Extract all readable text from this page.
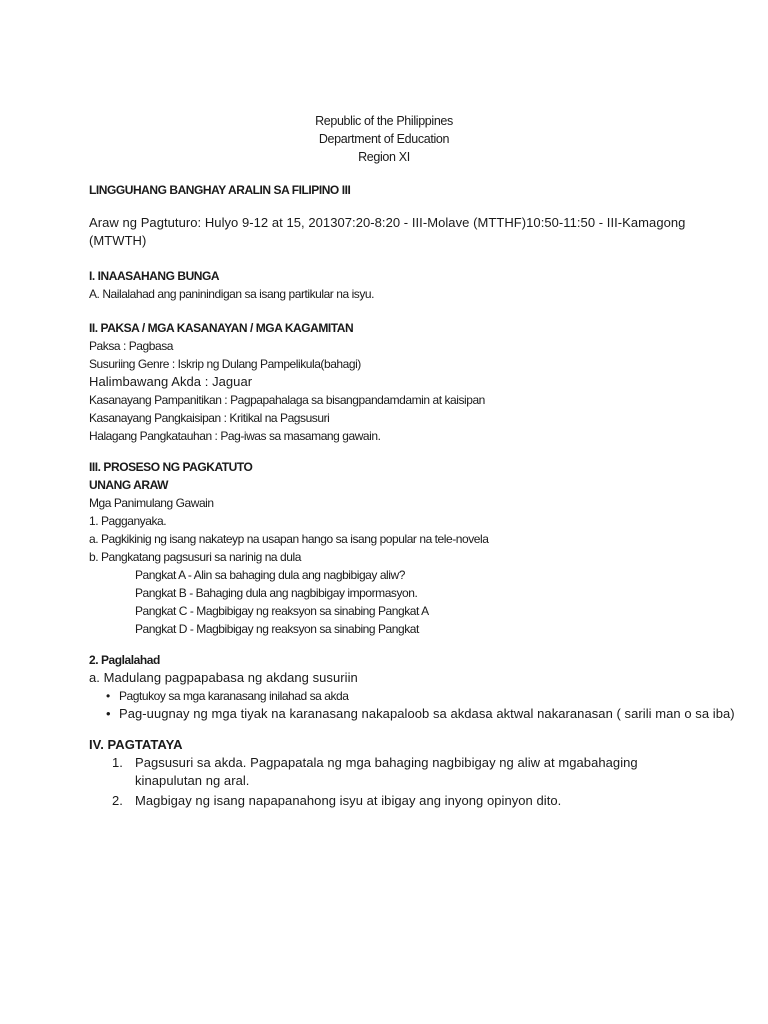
Republic of the Philippines
Department of Education
Region XI
LINGGUHANG BANGHAY ARALIN SA FILIPINO III
Araw ng Pagtuturo: Hulyo 9-12 at 15, 201307:20-8:20 - III-Molave (MTTHF)10:50-11:50 - III-Kamagong
(MTWTH)
I. INAASAHANG BUNGA
A. Nailalahad ang paninindigan sa isang partikular na isyu.
II. PAKSA / MGA KASANAYAN / MGA KAGAMITAN
Paksa : Pagbasa
Susuriing Genre : Iskrip ng Dulang Pampelikula(bahagi)
Halimbawang Akda : Jaguar
Kasanayang Pampanitikan : Pagpapahalaga sa bisangpandamdamin at kaisipan
Kasanayang Pangkaisipan : Kritikal na Pagsusuri
Halagang Pangkatauhan : Pag-iwas sa masamang gawain.
III. PROSESO NG PAGKATUTO
UNANG ARAW
Mga Panimulang Gawain
1. Pagganyaka.
a. Pagkikinig ng isang nakateyp na usapan hango sa isang popular na tele-novela
b. Pangkatang pagsusuri sa narinig na dula
Pangkat A - Alin sa bahaging dula ang nagbibigay aliw?
Pangkat B - Bahaging dula ang nagbibigay impormasyon.
Pangkat C - Magbibigay ng reaksyon sa sinabing Pangkat A
Pangkat D - Magbibigay ng reaksyon sa sinabing Pangkat
2. Paglalahad
a. Madulang pagpapabasa ng akdang susuriin
• Pagtukoy sa mga karanasang inilahad sa akda
• Pag-uugnay ng mga tiyak na karanasang nakapaloob sa akdasa aktwal nakaranasan ( sarili man o sa iba)
IV. PAGTATAYA
1. Pagsusuri sa akda. Pagpapatala ng mga bahaging nagbibigay ng aliw at mgabahaging kinapulutan ng aral.
2. Magbigay ng isang napapanahong isyu at ibigay ang inyong opinyon dito.
